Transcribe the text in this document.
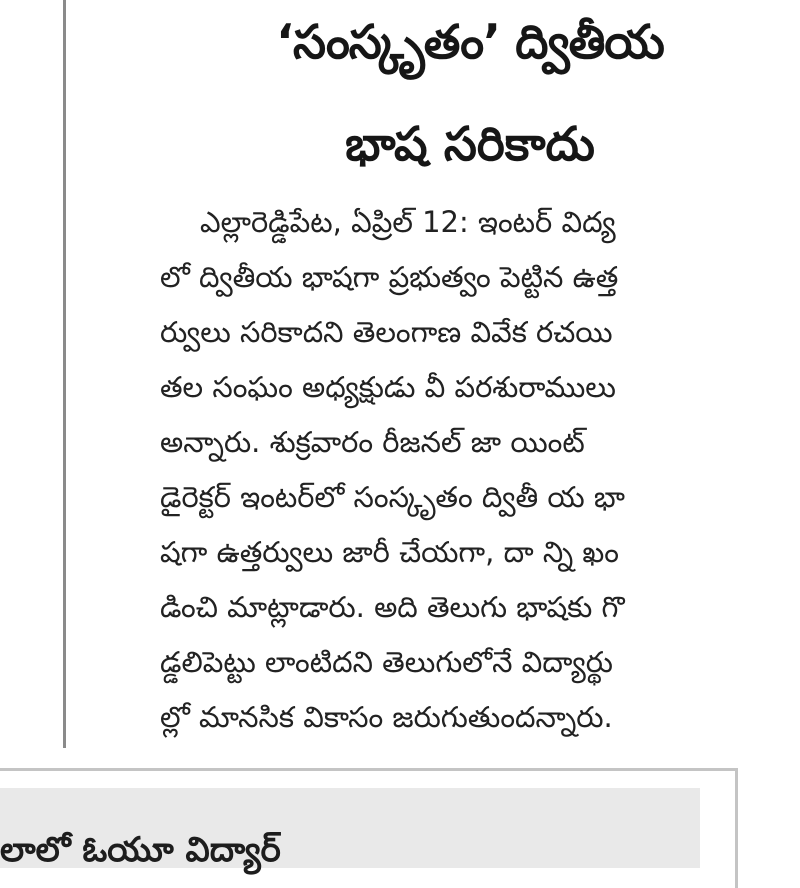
‘సంస్కృతం’ ద్వితీయ
భాష సరికాదు
ఎల్లారెడ్డిపేట, ఏప్రిల్ 12: ఇంటర్ విద్య
లో ద్వితీయ భాషగా ప్రభుత్వం పెట్టిన ఉత్త
ర్వులు సరికాదని తెలంగాణ వివేక రచయి
తల సంఘం అధ్యక్షుడు వీ పరశురాములు
అన్నారు. శుక్రవారం రీజనల్ జా యింట్
డైరెక్టర్ ఇంటర్‌లో సంస్కృతం ద్వితీ య భా
షగా ఉత్తర్వులు జారీ చేయగా, దా న్ని ఖం
డించి మాట్లాడారు. అది తెలుగు భాషకు గొ
డ్డలిపెట్టు లాంటిదని తెలుగులోనే విద్యార్థు
ల్లో మానసిక వికాసం జరుగుతుందన్నారు.
లాలో ఓయూ విద్యార్
